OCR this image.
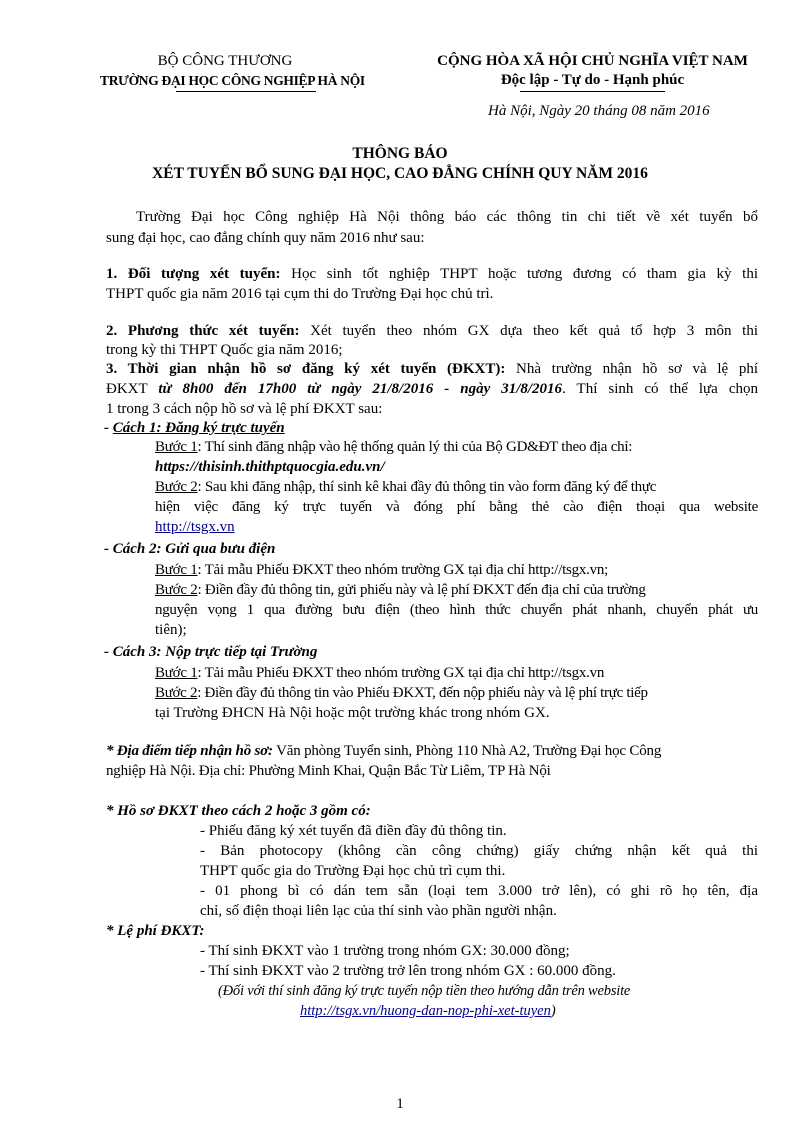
BỘ CÔNG THƯƠNG
TRƯỜNG ĐẠI HỌC CÔNG NGHIỆP HÀ NỘI
CỘNG HÒA XÃ HỘI CHỦ NGHĨA VIỆT NAM
Độc lập - Tự do - Hạnh phúc
Hà Nội, Ngày 20 tháng 08 năm 2016
THÔNG BÁO
XÉT TUYỂN BỔ SUNG ĐẠI HỌC, CAO ĐẲNG CHÍNH QUY NĂM 2016
Trường Đại học Công nghiệp Hà Nội thông báo các thông tin chi tiết về xét tuyển bổ
sung đại học, cao đẳng chính quy năm 2016 như sau:
1. Đối tượng xét tuyển: Học sinh tốt nghiệp THPT hoặc tương đương có tham gia kỳ thi
THPT quốc gia năm 2016 tại cụm thi do Trường Đại học chủ trì.
2. Phương thức xét tuyển: Xét tuyển theo nhóm GX dựa theo kết quả tổ hợp 3 môn thi
trong kỳ thi THPT Quốc gia năm 2016;
3. Thời gian nhận hồ sơ đăng ký xét tuyển (ĐKXT): Nhà trường nhận hồ sơ và lệ phí
ĐKXT từ 8h00 đến 17h00 từ ngày 21/8/2016 - ngày 31/8/2016. Thí sinh có thể lựa chọn
1 trong 3 cách nộp hồ sơ và lệ phí ĐKXT sau:
- Cách 1: Đăng ký trực tuyến
Bước 1: Thí sinh đăng nhập vào hệ thống quản lý thi của Bộ GD&ĐT theo địa chỉ:
https://thisinh.thithptquocgia.edu.vn/
Bước 2: Sau khi đăng nhập, thí sinh kê khai đầy đủ thông tin vào form đăng ký để thực
hiện việc đăng ký trực tuyến và đóng phí bằng thẻ cào điện thoại qua website
http://tsgx.vn
- Cách 2: Gửi qua bưu điện
Bước 1: Tải mẫu Phiếu ĐKXT theo nhóm trường GX tại địa chỉ http://tsgx.vn;
Bước 2: Điền đầy đủ thông tin, gửi phiếu này và lệ phí ĐKXT đến địa chỉ của trường
nguyện vọng 1 qua đường bưu điện (theo hình thức chuyển phát nhanh, chuyển phát ưu
tiên);
- Cách 3: Nộp trực tiếp tại Trường
Bước 1: Tải mẫu Phiếu ĐKXT theo nhóm trường GX tại địa chỉ http://tsgx.vn
Bước 2: Điền đầy đủ thông tin vào Phiếu ĐKXT, đến nộp phiếu này và lệ phí trực tiếp
tại Trường ĐHCN Hà Nội hoặc một trường khác trong nhóm GX.
* Địa điểm tiếp nhận hồ sơ: Văn phòng Tuyển sinh, Phòng 110 Nhà A2, Trường Đại học Công
nghiệp Hà Nội. Địa chỉ: Phường Minh Khai, Quận Bắc Từ Liêm, TP Hà Nội
* Hồ sơ ĐKXT theo cách 2 hoặc 3 gồm có:
- Phiếu đăng ký xét tuyển đã điền đầy đủ thông tin.
- Bản photocopy (không cần công chứng) giấy chứng nhận kết quả thi
THPT quốc gia do Trường Đại học chủ trì cụm thi.
- 01 phong bì có dán tem sẵn (loại tem 3.000 trở lên), có ghi rõ họ tên, địa
chỉ, số điện thoại liên lạc của thí sinh vào phần người nhận.
* Lệ phí ĐKXT:
- Thí sinh ĐKXT vào 1 trường trong nhóm GX: 30.000 đồng;
- Thí sinh ĐKXT vào 2 trường trở lên trong nhóm GX : 60.000 đồng.
(Đối với thí sinh đăng ký trực tuyến nộp tiền theo hướng dẫn trên website
http://tsgx.vn/huong-dan-nop-phi-xet-tuyen)
1
